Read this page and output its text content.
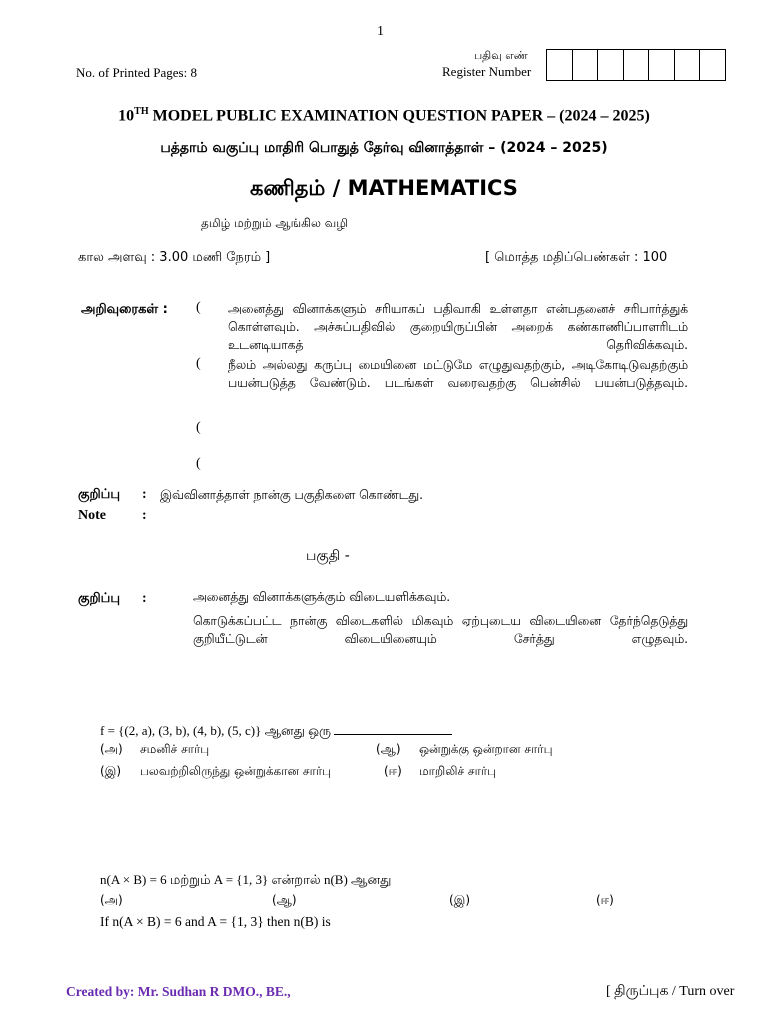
1
No. of Printed Pages: 8
பதிவு எண்
Register Number
10TH MODEL PUBLIC EXAMINATION QUESTION PAPER – (2024 – 2025)
பத்தாம் வகுப்பு மாதிரி பொதுத் தேர்வு வினாத்தாள் – (2024 – 2025)
கணிதம் / MATHEMATICS
தமிழ் மற்றும் ஆங்கில வழி
கால அளவு : 3.00 மணி நேரம் ]	[ மொத்த மதிப்பெண்கள் : 100
அறிவுரைகள் : ( அனைத்து வினாக்களும் சரியாகப் பதிவாகி உள்ளதா என்பதனைச் சரிபார்த்துக் கொள்ளவும். அச்சுப்பதிவில் குறையிருப்பின் அறைக் கண்காணிப்பாளரிடம் உடனடியாகத் தெரிவிக்கவும்.
( நீலம் அல்லது கருப்பு மையினை மட்டுமே எழுதுவதற்கும், அடிகோடிடுவதற்கும் பயன்படுத்த வேண்டும். படங்கள் வரைவதற்கு பென்சில் பயன்படுத்தவும்.
(
(
குறிப்பு : இவ்வினாத்தாள் நான்கு பகுதிகளை கொண்டது.
Note	:
பகுதி -
குறிப்பு :	அனைத்து வினாக்களுக்கும் விடையளிக்கவும்.
கொடுக்கப்பட்ட நான்கு விடைகளில் மிகவும் ஏற்புடைய விடையினை தேர்ந்தெடுத்து குறியீட்டுடன் விடையினையும் சேர்த்து எழுதவும்.
f = {(2, a), (3, b), (4, b), (5, c)} ஆனது ஒரு
(அ) சமனிச் சார்பு	(ஆ) ஒன்றுக்கு ஒன்றான சார்பு
(இ) பலவற்றிலிருந்து ஒன்றுக்கான சார்பு	(ஈ) மாறிலிச் சார்பு
n(A × B) = 6 மற்றும் A = {1, 3} என்றால் n(B) ஆனது
(அ)	(ஆ)	(இ)	(ஈ)
If n(A × B) = 6 and A = {1, 3} then n(B) is
Created by: Mr. Sudhan R DMO., BE.,	[ திருப்புக / Turn over
